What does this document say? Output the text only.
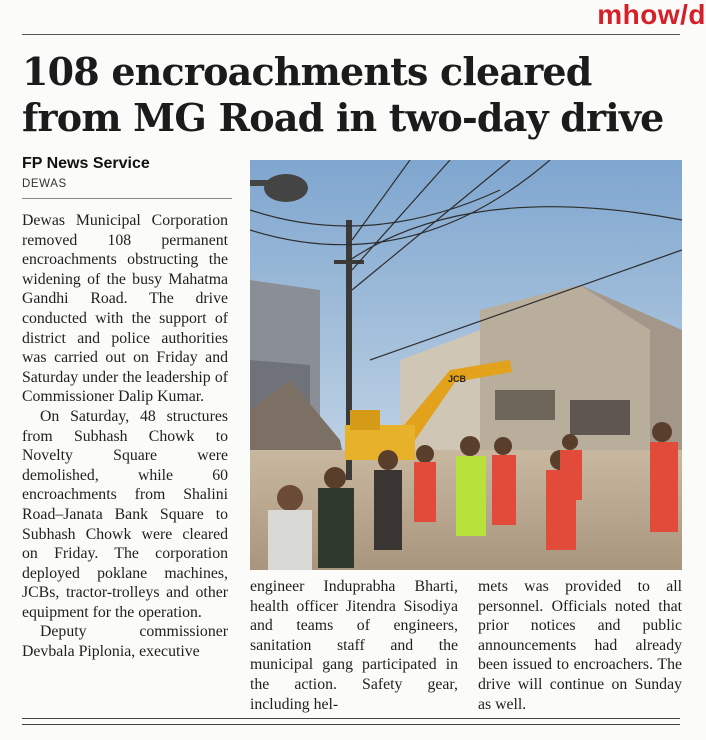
mhow/d
108 encroachments cleared
from MG Road in two-day drive
FP News Service
DEWAS

Dewas Municipal Corporation removed 108 permanent encroachments obstructing the widening of the busy Mahatma Gandhi Road. The drive conducted with the support of district and police authorities was carried out on Friday and Saturday under the leadership of Commissioner Dalip Kumar.

On Saturday, 48 structures from Subhash Chowk to Novelty Square were demolished, while 60 encroachments from Shalini Road–Janata Bank Square to Subhash Chowk were cleared on Friday. The corporation deployed poklane machines, JCBs, tractor-trolleys and other equipment for the operation.

Deputy commissioner Devbala Piplonia, executive

JCB

engineer Induprabha Bharti, health officer Jitendra Sisodiya and teams of engineers, sanitation staff and the municipal gang participated in the action. Safety gear, including hel-

mets was provided to all personnel. Officials noted that prior notices and public announcements had already been issued to encroachers. The drive will continue on Sunday as well.
